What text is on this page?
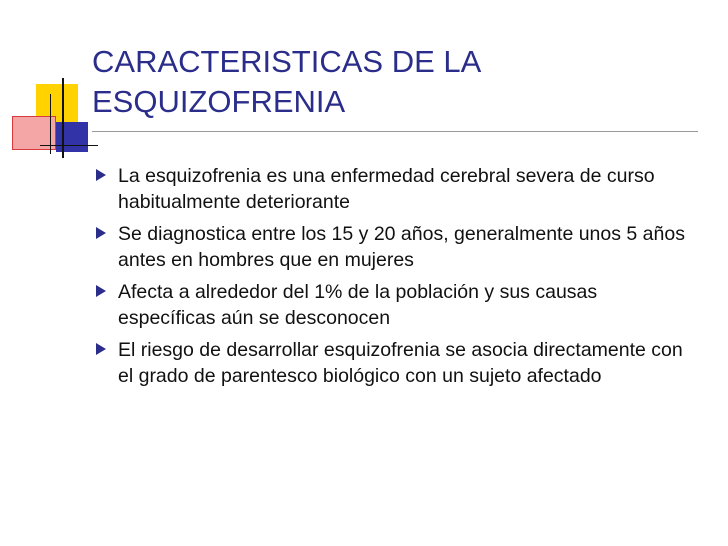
CARACTERISTICAS DE LA
ESQUIZOFRENIA
La esquizofrenia es una enfermedad cerebral severa de curso habitualmente deteriorante
Se diagnostica entre los 15 y 20 años, generalmente unos 5 años antes en hombres que en mujeres
Afecta a alrededor del 1% de la población y sus causas específicas aún se desconocen
El riesgo de desarrollar esquizofrenia se asocia directamente con el grado de parentesco biológico con un sujeto afectado
